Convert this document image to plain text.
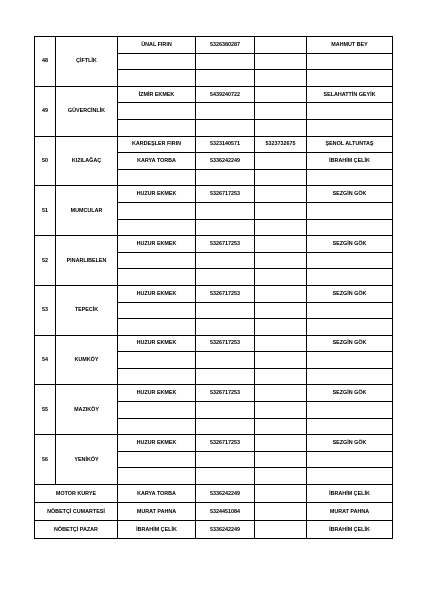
48	ÇİFTLİK	ÜNAL FIRIN	5326380287		MAHMUT BEY

49	GÜVERCİNLİK	İZMİR EKMEK	5439240722		SELAHATTİN GEYİK

50	KIZILAĞAÇ	KARDEŞLER FIRIN	5323140571	5323732675	ŞENOL ALTUNTAŞ
		KARYA TORBA	5336242249		İBRAHİM ÇELİK

51	MUMCULAR	HUZUR EKMEK	5326717253		SEZGİN GÖK

52	PINARLIBELEN	HUZUR EKMEK	5326717253		SEZGİN GÖK

53	TEPECİK	HUZUR EKMEK	5326717253		SEZGİN GÖK

54	KUMKÖY	HUZUR EKMEK	5326717253		SEZGİN GÖK

55	MAZIKÖY	HUZUR EKMEK	5326717253		SEZGİN GÖK

56	YENİKÖY	HUZUR EKMEK	5326717253		SEZGİN GÖK

MOTOR KURYE		KARYA TORBA	5336242249		İBRAHİM ÇELİK
NÖBETÇİ CUMARTESİ		MURAT PAHNA	5324451084		MURAT PAHNA
NÖBETÇİ PAZAR		İBRAHİM ÇELİK	5336242249		İBRAHİM ÇELİK
